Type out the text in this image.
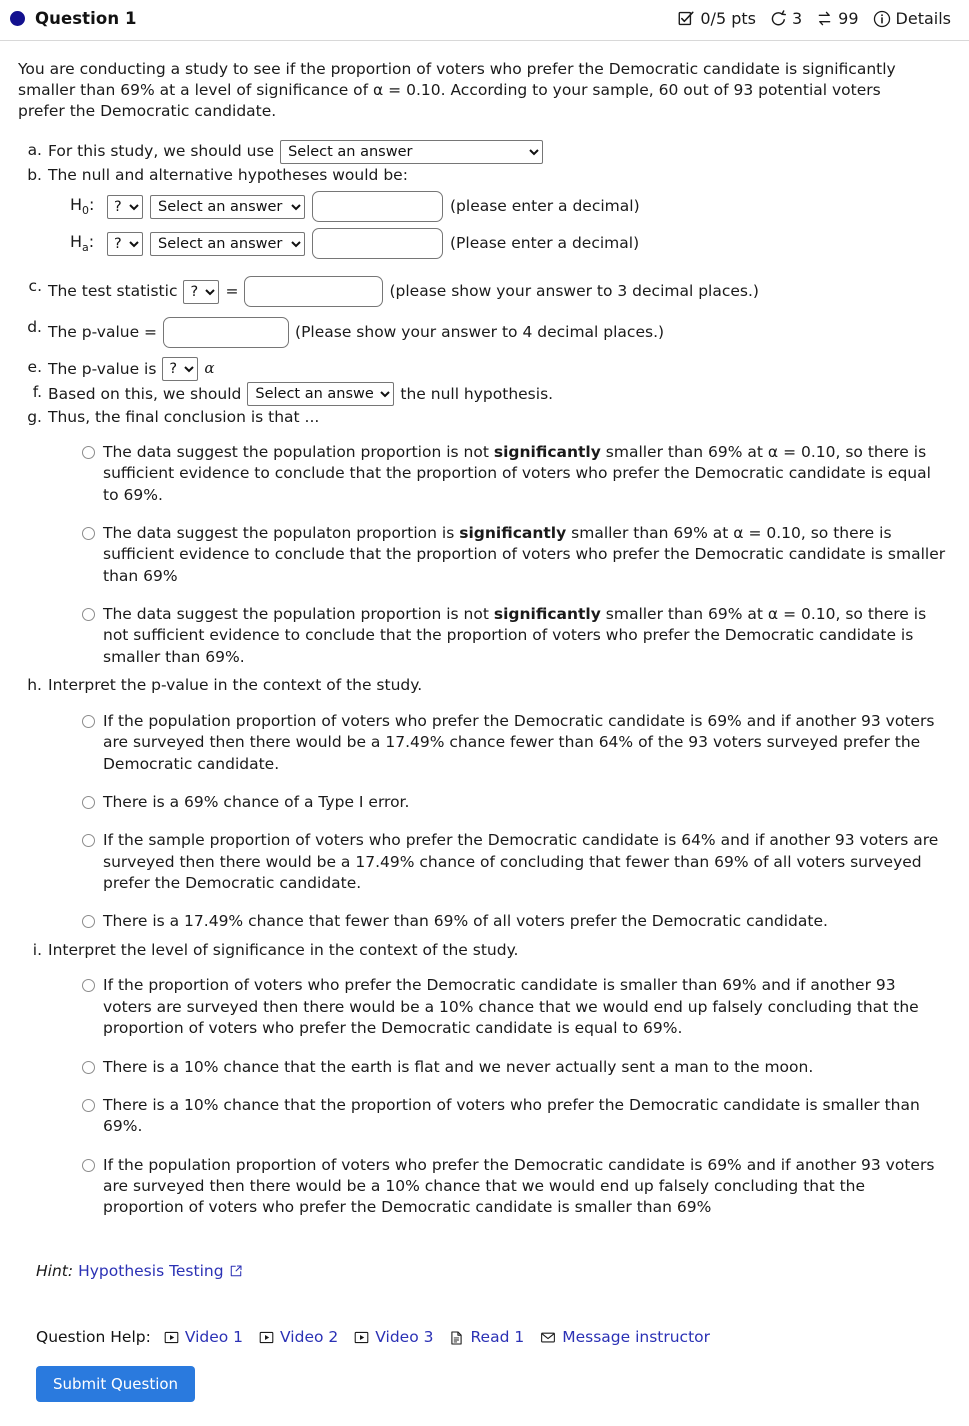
Question 1	0/5 pts 3 99 Details

You are conducting a study to see if the proportion of voters who prefer the Democratic candidate is significantly smaller than 69% at a level of significance of α = 0.10. According to your sample, 60 out of 93 potential voters prefer the Democratic candidate.

a. For this study, we should use
Select an answer
b. The null and alternative hypotheses would be:
$H_0$:
?
Select an answer	(please enter a decimal)
$H_a$:
?
Select an answer	(Please enter a decimal)
c. The test statistic
?	=	(please show your answer to 3 decimal places.)
d. The p-value =	(Please show your answer to 4 decimal places.)
e. The p-value is
?	α
f. Based on this, we should
Select an answer	the null hypothesis.
g. Thus, the final conclusion is that ...
The data suggest the population proportion is not significantly smaller than 69% at α = 0.10, so there is sufficient evidence to conclude that the proportion of voters who prefer the Democratic candidate is equal to 69%.
The data suggest the populaton proportion is significantly smaller than 69% at α = 0.10, so there is sufficient evidence to conclude that the proportion of voters who prefer the Democratic candidate is smaller than 69%
The data suggest the population proportion is not significantly smaller than 69% at α = 0.10, so there is not sufficient evidence to conclude that the proportion of voters who prefer the Democratic candidate is smaller than 69%.
h. Interpret the p-value in the context of the study.
If the population proportion of voters who prefer the Democratic candidate is 69% and if another 93 voters are surveyed then there would be a 17.49% chance fewer than 64% of the 93 voters surveyed prefer the Democratic candidate.
There is a 69% chance of a Type I error.
If the sample proportion of voters who prefer the Democratic candidate is 64% and if another 93 voters are surveyed then there would be a 17.49% chance of concluding that fewer than 69% of all voters surveyed prefer the Democratic candidate.
There is a 17.49% chance that fewer than 69% of all voters prefer the Democratic candidate.
i. Interpret the level of significance in the context of the study.
If the proportion of voters who prefer the Democratic candidate is smaller than 69% and if another 93 voters are surveyed then there would be a 10% chance that we would end up falsely concluding that the proportion of voters who prefer the Democratic candidate is equal to 69%.
There is a 10% chance that the earth is flat and we never actually sent a man to the moon.
There is a 10% chance that the proportion of voters who prefer the Democratic candidate is smaller than 69%.
If the population proportion of voters who prefer the Democratic candidate is 69% and if another 93 voters are surveyed then there would be a 10% chance that we would end up falsely concluding that the proportion of voters who prefer the Democratic candidate is smaller than 69%
Hint: Hypothesis Testing
Question Help: Video 1 Video 2 Video 3 Read 1 Message instructor
Submit Question
